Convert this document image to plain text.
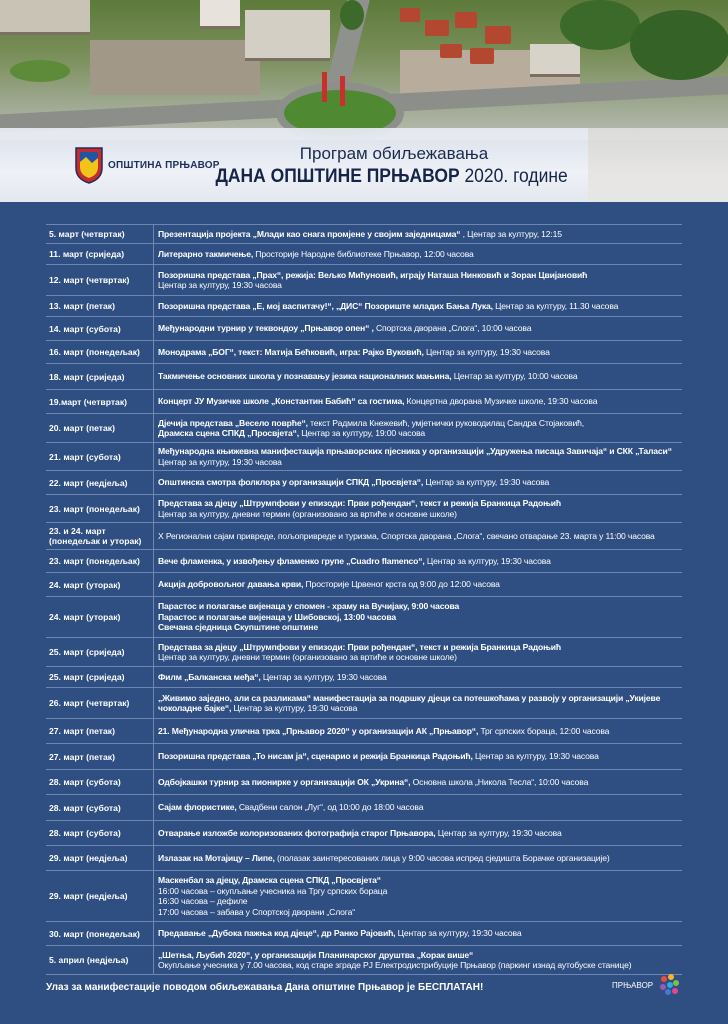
ОПШТИНА ПРЊАВОР
Програм обиљежавања
ДАНА ОПШТИНЕ ПРЊАВОР 2020. године
5. март (четвртак)	Презентација пројекта „Млади као снага промјене у својим заједницама“ , Центар за културу, 12:15
11. март (сриједа)	Литерарно такмичење, Просторије Народне библиотеке Прњавор, 12:00 часова
12. март (четвртак)
Позоришна представа „Прах“, режија: Вељко Мићуновић, играју Наташа Нинковић и Зоран Цвијановић
Центар за културу, 19:30 часова
13. март (петак)	Позоришна представа „Е, мој васпитачу!“, „ДИС“ Позориште младих Бања Лука, Центар за културу, 11.30 часова
14. март (субота)	Међународни турнир у теквондоу „Прњавор опен“ , Спортска дворана „Слога“, 10:00 часова
16. март (понедељак)	Монодрама „БОГ“, текст: Матија Бећковић, игра: Рајко Вуковић, Центар за културу, 19:30 часова
18. март (сриједа)	Такмичење основних школа у познавању језика националних мањина, Центар за културу, 10:00 часова
19.март (четвртак)	Концерт ЈУ Музичке школе „Константин Бабић“ са гостима, Концертна дворана Музичке школе, 19:30 часова
20. март (петак)
Дјечија представа „Весело поврће“, текст Радмила Кнежевић, умјетнички руководилац Сандра Стојаковић,
Драмска сцена СПКД „Просвјета“, Центар за културу, 19:00 часова
21. март (субота)
Међународна књижевна манифестација прњаворских пјесника у организацији „Удружења писаца Завичаја“ и СКК „Таласи“
Центар за културу, 19:30 часова
22. март (недјеља)	Општинска смотра фолклора у организацији СПКД „Просвјета“, Центар за културу, 19:30 часова
23. март (понедељак)
Представа за дјецу „Штрумпфови у епизоди: Први рођендан“, текст и режија Бранкица Радоњић
Центар за културу, дневни термин (организовано за вртиће и основне школе)
23. и 24. март (понедељак и уторак)
X Регионални сајам привреде, пољопривреде и туризма, Спортска дворана „Слога“, свечано отварање 23. марта у 11:00 часова
23. март (понедељак)	Вече фламенка, у извођењу фламенко групе „Cuadro flamenco“, Центар за културу, 19:30 часова
24. март (уторак)	Акција добровољног давања крви, Просторије Црвеног крста од 9:00 до 12:00 часова
24. март (уторак)
Парастос и полагање вијенаца у спомен - храму на Вучијаку, 9:00 часова
Парастос и полагање вијенаца у Шибовској, 13:00 часова
Свечана сједница Скупштине општине
25. март (сриједа)
Представа за дјецу „Штрумпфови у епизоди: Први рођендан“, текст и режија Бранкица Радоњић
Центар за културу, дневни термин (организовано за вртиће и основне школе)
25. март (сриједа)	Филм „Балканска међа“, Центар за културу, 19:30 часова
26. март (четвртак)
„Живимо заједно, али са разликама“ манифестација за подршку дјеци са потешкоћама у развоју у организацији „Укијеве
чоколадне бајке“, Центар за културу, 19:30 часова
27. март (петак)	21. Међународна улична трка „Прњавор 2020“ у организацији АК „Прњавор“, Трг српских бораца, 12:00 часова
27. март (петак)	Позоришна представа „То нисам ја“, сценарио и режија Бранкица Радоњић, Центар за културу, 19:30 часова
28. март (субота)	Одбојкашки турнир за пионирке у организацији ОК „Укрина“, Основна школа „Никола Тесла“, 10:00 часова
28. март (субота)	Сајам флористике, Свадбени салон „Луг“, од 10:00 до 18:00 часова
28. март (субота)	Отварање изложбе колоризованих фотографија старог Прњавора, Центар за културу, 19:30 часова
29. март (недјеља)	Излазак на Мотајицу – Липе, (полазак заинтересованих лица у 9:00 часова испред сједишта Борачке организације)
29. март (недјеља)
Маскенбал за дјецу, Драмска сцена СПКД „Просвјета“
16:00 часова – окупљање учесника на Тргу српских бораца
16:30 часова – дефиле
17:00 часова – забава у Спортској дворани „Слога“
30. март (понедељак)	Предавање „Дубока пажња код дјеце“, др Ранко Рајовић, Центар за културу, 19:30 часова
5. април (недјеља)
„Шетња, Љубић 2020“, у организацији Планинарског друштва „Корак више“
Окупљање учесника у 7.00 часова, код старе зграде РЈ Електродистрибуције Прњавор (паркинг изнад аутобуске станице)
Улаз за манифестације поводом обиљежавања Дана општине Прњавор је БЕСПЛАТАН!	ПРЊАВОР
